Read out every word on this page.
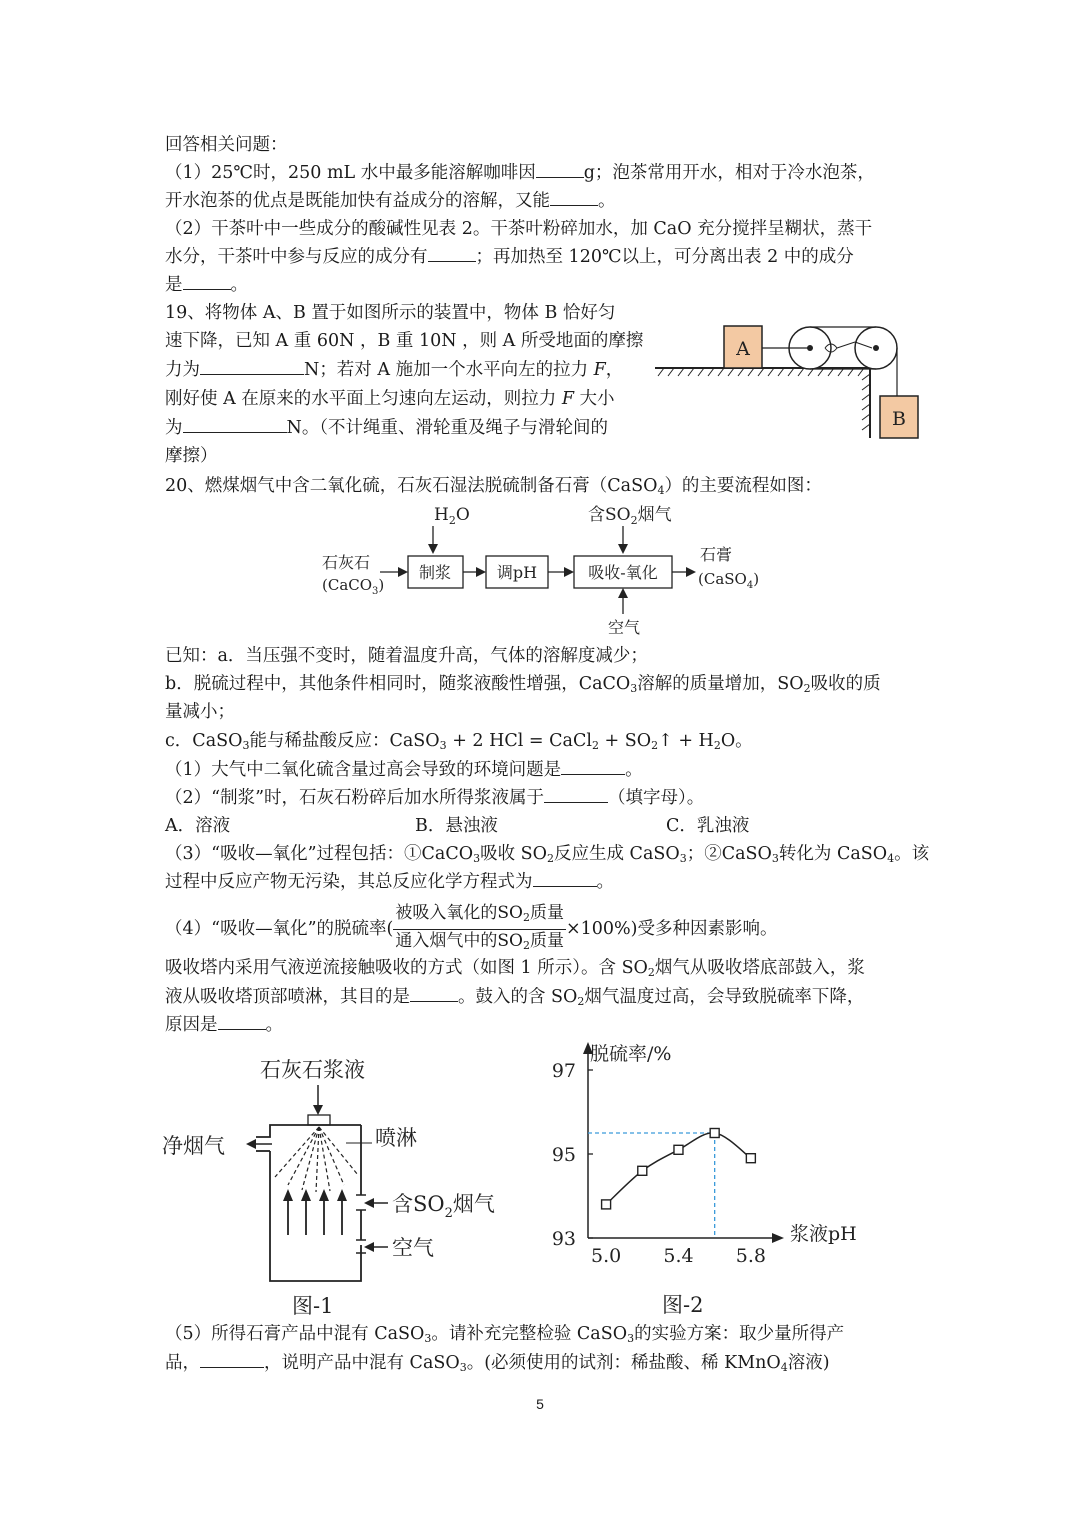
回答相关问题：
（1）25℃时，250 mL 水中最多能溶解咖啡因	g；泡茶常用开水，相对于冷水泡茶，
开水泡茶的优点是既能加快有益成分的溶解，又能	。
（2）干茶叶中一些成分的酸碱性见表 2。干茶叶粉碎加水，加 CaO 充分搅拌呈糊状，蒸干
水分，干茶叶中参与反应的成分有	；再加热至 120℃以上，可分离出表 2 中的成分
是	。
19、将物体 A、B 置于如图所示的装置中，物体 B 恰好匀
速下降，已知 A 重 60N ，B 重 10N ，则 A 所受地面的摩擦
力为	N；若对 A 施加一个水平向左的拉力 F，
刚好使 A 在原来的水平面上匀速向左运动，则拉力 F 大小
为	N。（不计绳重、滑轮重及绳子与滑轮间的
摩擦）
A
B
20、燃煤烟气中含二氧化硫，石灰石湿法脱硫制备石膏（CaSO$_4$）的主要流程如图：
$H_2O$	含$SO_2$烟气
石灰石
(CaCO$_3$)
制浆	调pH	吸收-氧化
石膏
(CaSO$_4$)
空气
已知：a．当压强不变时，随着温度升高，气体的溶解度减少；
b．脱硫过程中，其他条件相同时，随浆液酸性增强，CaCO$_3$溶解的质量增加，$SO_2$吸收的质
量减小；
c．CaSO$_3$能与稀盐酸反应：CaSO$_3$ + 2 HCl = CaCl$_2$ + $SO_2↑ + H_2O$。
（1）大气中二氧化硫含量过高会导致的环境问题是	。
（2）“制浆”时，石灰石粉碎后加水所得浆液属于	（填字母）。
A．溶液	B．悬浊液	C．乳浊液
（3）“吸收—氧化”过程包括：①CaCO$_3$吸收 $SO_2$反应生成 CaSO$_3$；②CaSO$_3$转化为 CaSO$_4$。该
过程中反应产物无污染，其总反应化学方程式为	。
（4）“吸收—氧化”的脱硫率( $\frac{被吸入氧化的SO_2质量}{通入烟气中的SO_2质量} \times 100\%$)受多种因素影响。
吸收塔内采用气液逆流接触吸收的方式（如图 1 所示）。含 $SO_2$烟气从吸收塔底部鼓入，浆
液从吸收塔顶部喷淋，其目的是	。鼓入的含 $SO_2$烟气温度过高，会导致脱硫率下降，
原因是	。
石灰石浆液
净烟气	喷淋
含$SO_2$烟气
空气
图-1
脱硫率/%
浆液pH
97
95
93
5.0 5.4 5.8
图-2
（5）所得石膏产品中混有 CaSO$_3$。请补充完整检验 CaSO$_3$的实验方案：取少量所得产
品，	，说明产品中混有 CaSO$_3$。(必须使用的试剂：稀盐酸、稀 KMnO$_4$溶液)
5
